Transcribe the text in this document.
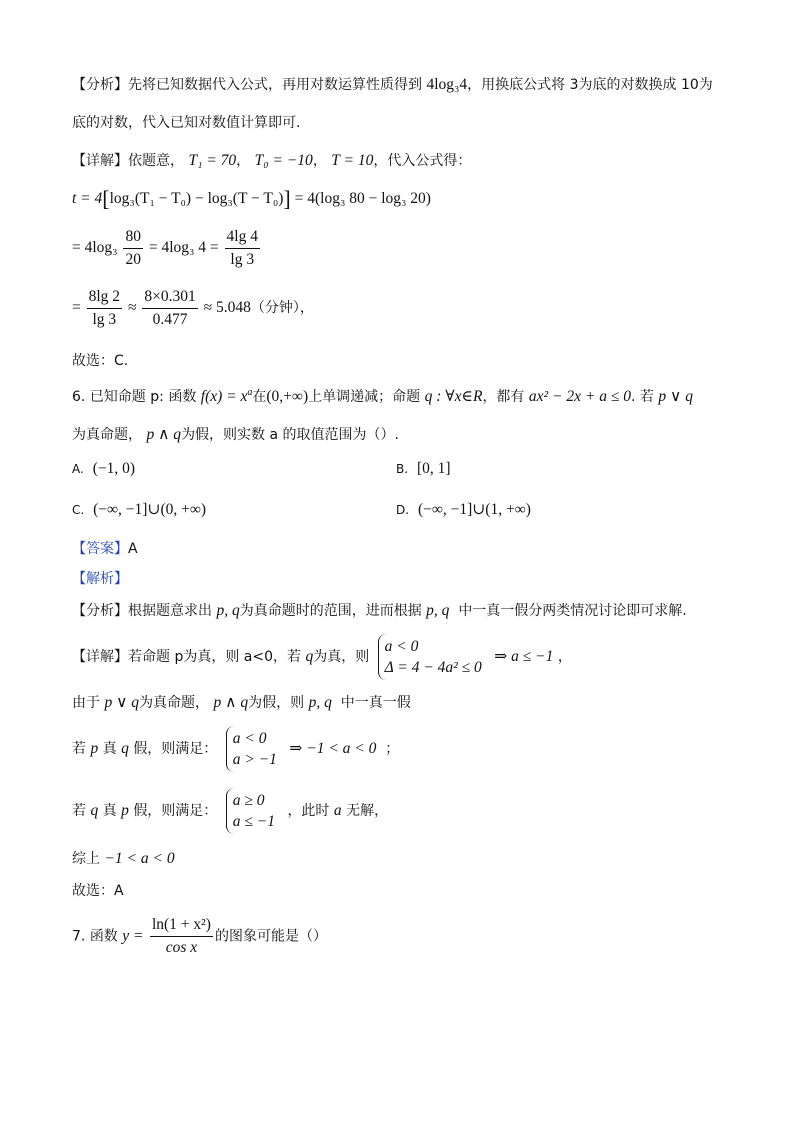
【分析】先将已知数据代入公式，再用对数运算性质得到 4log₃4，用换底公式将 3为底的对数换成 10为
底的对数，代入已知对数值计算即可.
【详解】依题意， T₁ = 70， T₀ = −10， T = 10，代入公式得：
t = 4[log₃(T₁ − T₀) − log₃(T − T₀)] = 4(log₃ 80 − log₃ 20)
= $4\log_3 \frac{80}{20} = 4\log_3$ $4 = \frac{4\lg 4}{\lg 3}$
= $\frac{8\lg 2}{\lg 3} \approx \frac{8\times 0.301}{0.477} \approx 5.048$（分钟），
故选：C.
6. 已知命题 p: 函数 $f(x) = x^a$在(0,+∞)上单调递减；命题 q : ∀x∈R，都有 ax² − 2x + a ≤ 0. 若 p ∨ q
为真命题， p ∧ q为假，则实数 a 的取值范围为（）.
A. (−1, 0)	B. [0, 1]
C. (−∞, −1]∪(0, +∞)	D. (−∞, −1]∪(1, +∞)
【答案】A
【解析】
【分析】根据题意求出 p, q为真命题时的范围，进而根据 p, q 中一真一假分两类情况讨论即可求解.
【详解】若命题 p为真，则 a<0，若 q为真，则
a < 0
Δ = 4 − 4a² ≤ 0
⇒ a ≤ −1 ，
由于 p ∨ q为真命题， p ∧ q为假，则 p, q 中一真一假
若 p 真 q 假，则满足：
a < 0
a > −1
⇒ −1 < a < 0 ；
若 q 真 p 假，则满足：
a ≥ 0
a ≤ −1
，此时 a 无解，
综上 −1 < a < 0
故选：A
7. 函数 $y = \frac{\text{ln(1 + x²)}}{\text{cos x}}$ 的图象可能是（）
